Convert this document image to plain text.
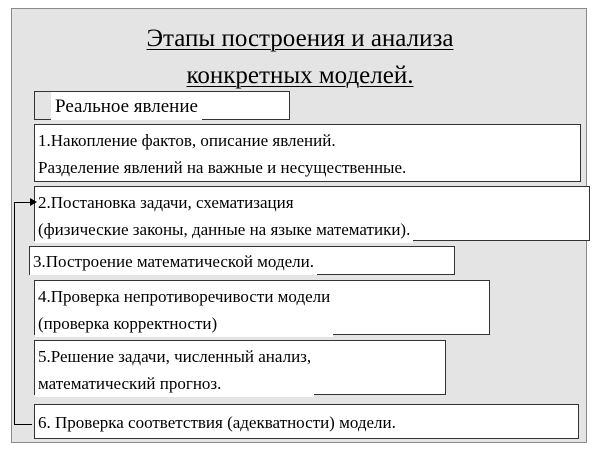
Этапы построения и анализа
конкретных моделей.
Реальное явление
1.Накопление фактов, описание явлений.
Разделение явлений на важные и несущественные.
2.Постановка задачи, схематизация
(физические законы, данные на языке математики).
3.Построение математической модели.
4.Проверка непротиворечивости модели
(проверка корректности)
5.Решение задачи, численный анализ,
математический прогноз.
6. Проверка соответствия (адекватности) модели.
